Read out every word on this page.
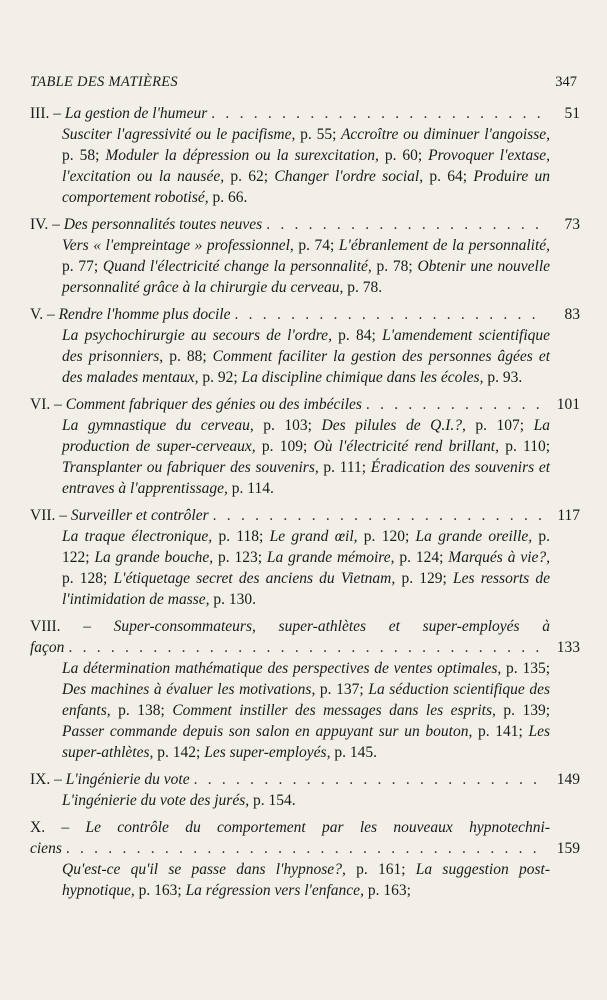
TABLE DES MATIÈRES	347
III. – La gestion de l'humeur . . .	51
Susciter l'agressivité ou le pacifisme, p. 55; Accroître ou diminuer l'angoisse, p. 58; Moduler la dépression ou la surexcitation, p. 60; Provoquer l'extase, l'excitation ou la nausée, p. 62; Changer l'ordre social, p. 64; Produire un comportement robotisé, p. 66.
IV. – Des personnalités toutes neuves . . .	73
Vers « l'empreintage » professionnel, p. 74; L'ébranlement de la personnalité, p. 77; Quand l'électricité change la personnalité, p. 78; Obtenir une nouvelle personnalité grâce à la chirurgie du cerveau, p. 78.
V. – Rendre l'homme plus docile . . .	83
La psychochirurgie au secours de l'ordre, p. 84; L'amendement scientifique des prisonniers, p. 88; Comment faciliter la gestion des personnes âgées et des malades mentaux, p. 92; La discipline chimique dans les écoles, p. 93.
VI. – Comment fabriquer des génies ou des imbéciles . . .	101
La gymnastique du cerveau, p. 103; Des pilules de Q.I.?, p. 107; La production de super-cerveaux, p. 109; Où l'électricité rend brillant, p. 110; Transplanter ou fabriquer des souvenirs, p. 111; Éradication des souvenirs et entraves à l'apprentissage, p. 114.
VII. – Surveiller et contrôler . . .	117
La traque électronique, p. 118; Le grand œil, p. 120; La grande oreille, p. 122; La grande bouche, p. 123; La grande mémoire, p. 124; Marqués à vie?, p. 128; L'étiquetage secret des anciens du Vietnam, p. 129; Les ressorts de l'intimidation de masse, p. 130.
VIII. – Super-consommateurs, super-athlètes et super-employés à
façon . . .	133
La détermination mathématique des perspectives de ventes optimales, p. 135; Des machines à évaluer les motivations, p. 137; La séduction scientifique des enfants, p. 138; Comment instiller des messages dans les esprits, p. 139; Passer commande depuis son salon en appuyant sur un bouton, p. 141; Les super-athlètes, p. 142; Les super-employés, p. 145.
IX. – L'ingénierie du vote . . .	149
L'ingénierie du vote des jurés, p. 154.
X. – Le contrôle du comportement par les nouveaux hypnotechni-
ciens . . .	159
Qu'est-ce qu'il se passe dans l'hypnose?, p. 161; La suggestion post-hypnotique, p. 163; La régression vers l'enfance, p. 163;
